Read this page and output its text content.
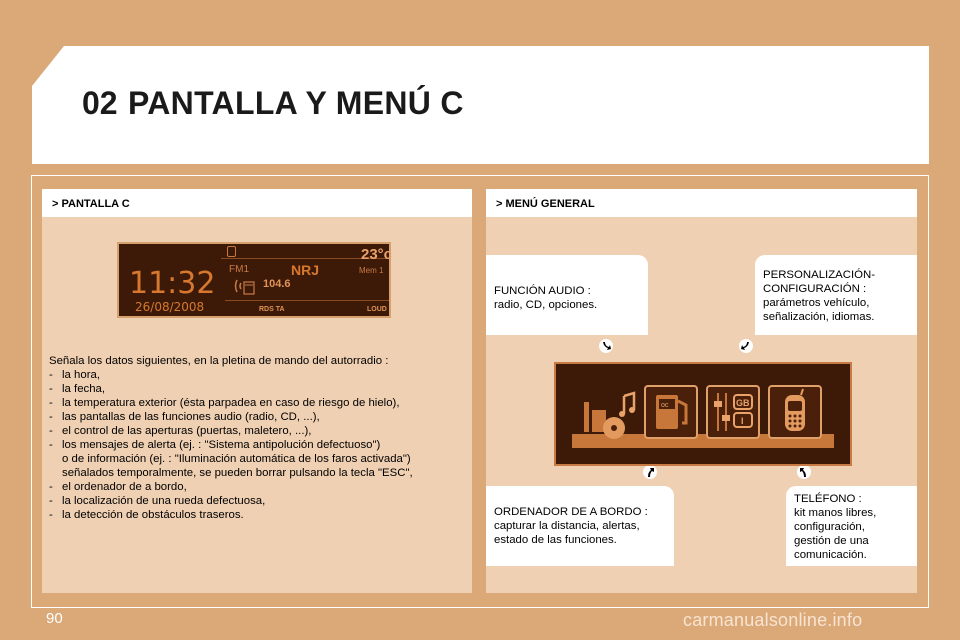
02 PANTALLA Y MENÚ C
> PANTALLA C
11:32
26/08/2008
FM1	NRJ
104.6
23°c
Mem 1
RDS TA	LOUD

Señala los datos siguientes, en la pletina de mando del autorradio :

- la hora,
- la fecha,
- la temperatura exterior (ésta parpadea en caso de riesgo de hielo),
- las pantallas de las funciones audio (radio, CD, ...),
- el control de las aperturas (puertas, maletero, ...),
- los mensajes de alerta (ej. : "Sistema antipolución defectuoso")
o de información (ej. : "Iluminación automática de los faros activada")
señalados temporalmente, se pueden borrar pulsando la tecla "ESC",
- el ordenador de a bordo,
- la localización de una rueda defectuosa,
- la detección de obstáculos traseros.
> MENÚ GENERAL
FUNCIÓN AUDIO :
radio, CD, opciones.
PERSONALIZACIÓN-
CONFIGURACIÓN :
parámetros vehículo,
señalización, idiomas.
ORDENADOR DE A BORDO :
capturar la distancia, alertas,
estado de las funciones.
TELÉFONO :
kit manos libres,
configuración,
gestión de una
comunicación.
oc	GB
I
90	carmanualsonline.info
